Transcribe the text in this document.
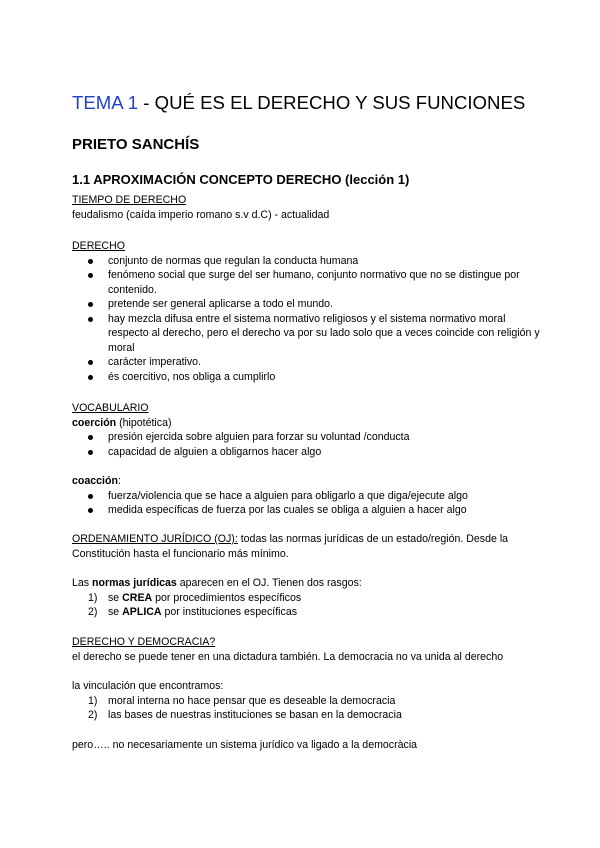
TEMA 1 - QUÉ ES EL DERECHO Y SUS FUNCIONES
PRIETO SANCHÍS
1.1 APROXIMACIÓN CONCEPTO DERECHO (lección 1)

TIEMPO DE DERECHO

feudalismo (caída imperio romano s.v d.C) - actualidad

DERECHO

conjunto de normas que regulan la conducta humana
fenómeno social que surge del ser humano, conjunto normativo que no se distingue por contenido.
pretende ser general aplicarse a todo el mundo.
hay mezcla difusa entre el sistema normativo religiosos y el sistema normativo moral respecto al derecho, pero el derecho va por su lado solo que a veces coincide con religión y moral
carácter imperativo.
és coercitivo, nos obliga a cumplirlo

VOCABULARIO

coerción (hipotética)

presión ejercida sobre alguien para forzar su voluntad /conducta
capacidad de alguien a obligarnos hacer algo

coacción:

fuerza/violencia que se hace a alguien para obligarlo a que diga/ejecute algo
medida específicas de fuerza por las cuales se obliga a alguien a hacer algo

ORDENAMIENTO JURÍDICO (OJ): todas las normas jurídicas de un estado/región. Desde la Constitución hasta el funcionario más mínimo.

Las normas jurídicas aparecen en el OJ. Tienen dos rasgos:

1) se CREA por procedimientos específicos
2) se APLICA por instituciones específicas

DERECHO Y DEMOCRACIA?

el derecho se puede tener en una dictadura también. La democracia no va unida al derecho

la vinculación que encontramos:

1) moral interna no hace pensar que es deseable la democracia
2) las bases de nuestras instituciones se basan en la democracia

pero….. no necesariamente un sistema jurídico va ligado a la democràcia
